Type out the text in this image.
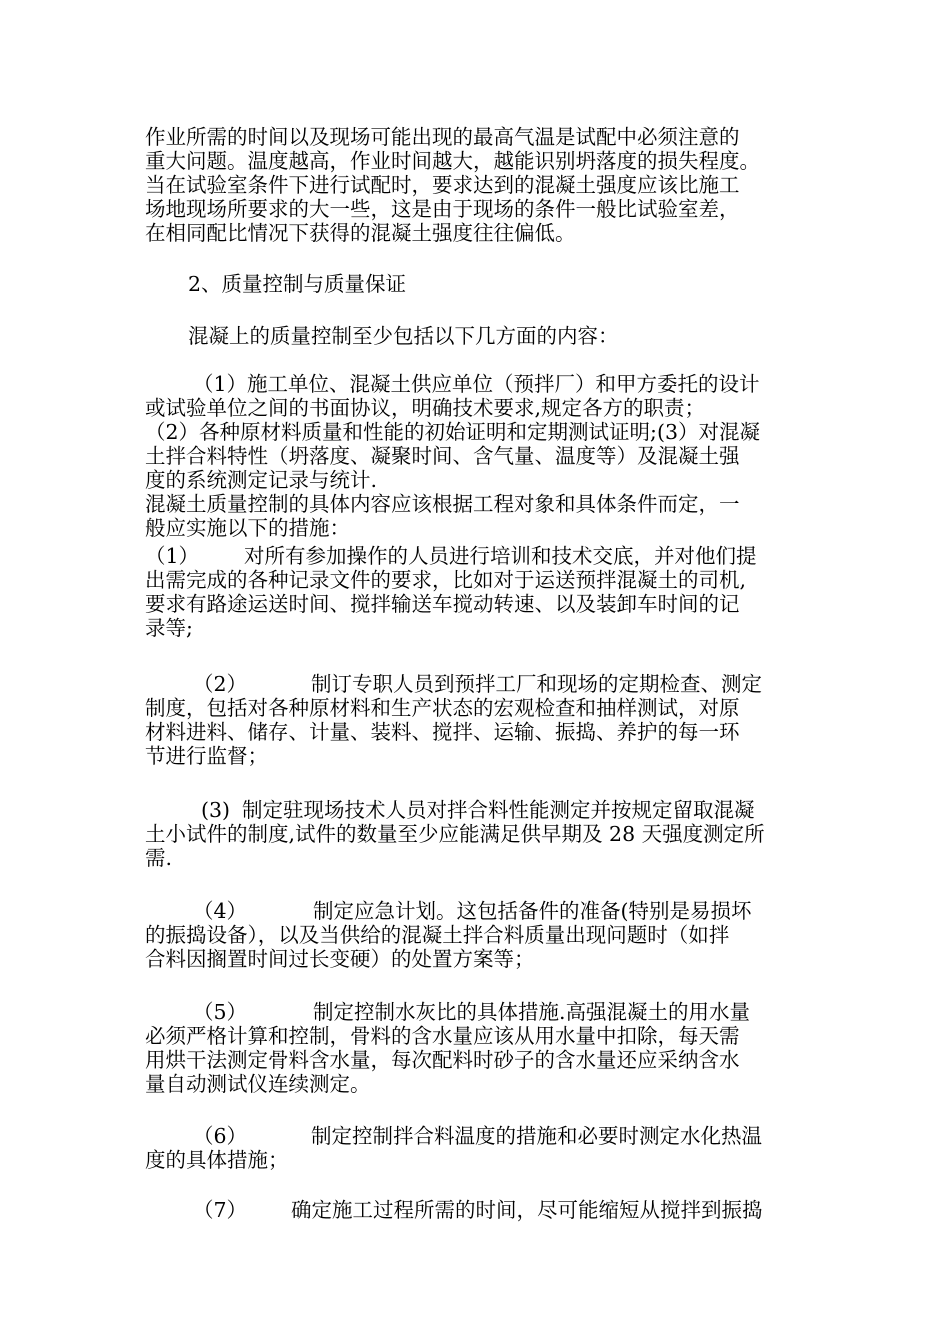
作业所需的时间以及现场可能出现的最高气温是试配中必须注意的
重大问题。温度越高，作业时间越大，越能识别坍落度的损失程度。
当在试验室条件下进行试配时，要求达到的混凝土强度应该比施工
场地现场所要求的大一些，这是由于现场的条件一般比试验室差，
在相同配比情况下获得的混凝土强度往往偏低。
2、质量控制与质量保证
混凝上的质量控制至少包括以下几方面的内容：
（1）施工单位、混凝土供应单位（预拌厂）和甲方委托的设计
或试验单位之间的书面协议，明确技术要求,规定各方的职责；
（2）各种原材料质量和性能的初始证明和定期测试证明;(3）对混凝
土拌合料特性（坍落度、凝聚时间、含气量、温度等）及混凝土强
度的系统测定记录与统计.
混凝土质量控制的具体内容应该根据工程对象和具体条件而定，一
般应实施以下的措施：
（1） 对所有参加操作的人员进行培训和技术交底，并对他们提
出需完成的各种记录文件的要求，比如对于运送预拌混凝土的司机,
要求有路途运送时间、搅拌输送车搅动转速、以及装卸车时间的记
录等;
（2）	制订专职人员到预拌工厂和现场的定期检查、测定
制度，包括对各种原材料和生产状态的宏观检查和抽样测试，对原
材料进料、储存、计量、装料、搅拌、运输、振捣、养护的每一环
节进行监督；
(3) 制定驻现场技术人员对拌合料性能测定并按规定留取混凝
土小试件的制度,试件的数量至少应能满足供早期及 28 天强度测定所
需.
（4）	制定应急计划。这包括备件的准备(特别是易损坏
的振捣设备），以及当供给的混凝土拌合料质量出现问题时（如拌
合料因搁置时间过长变硬）的处置方案等；
（5）	制定控制水灰比的具体措施.高强混凝土的用水量
必须严格计算和控制，骨料的含水量应该从用水量中扣除，每天需
用烘干法测定骨料含水量，每次配料时砂子的含水量还应采纳含水
量自动测试仪连续测定。
（6）	制定控制拌合料温度的措施和必要时测定水化热温
度的具体措施；
（7） 确定施工过程所需的时间，尽可能缩短从搅拌到振捣
